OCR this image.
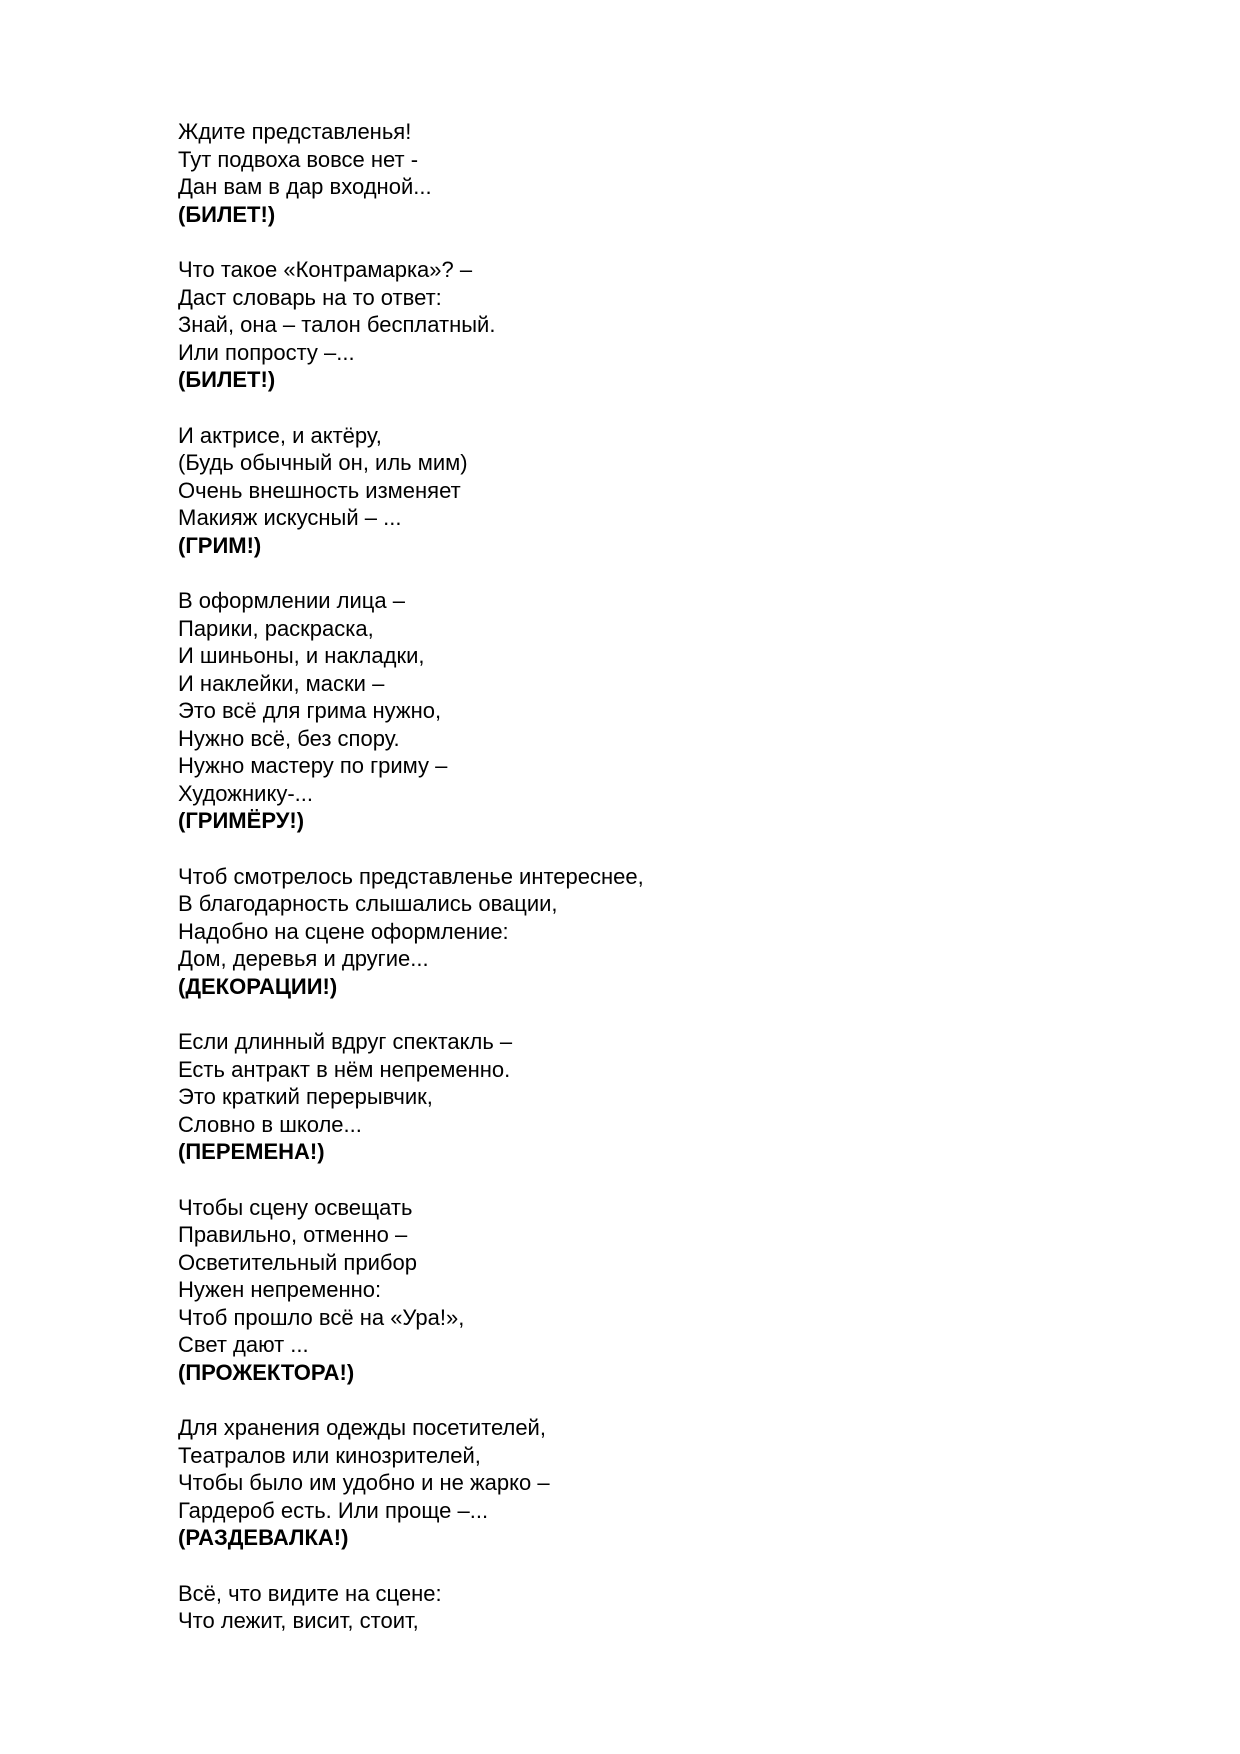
Ждите представленья!
Тут подвоха вовсе нет -
Дан вам в дар входной...
(БИЛЕТ!)
Что такое «Контрамарка»? –
Даст словарь на то ответ:
Знай, она – талон бесплатный.
Или попросту –...
(БИЛЕТ!)
И актрисе, и актёру,
(Будь обычный он, иль мим)
Очень внешность изменяет
Макияж искусный – ...
(ГРИМ!)
В оформлении лица –
Парики, раскраска,
И шиньоны, и накладки,
И наклейки, маски –
Это всё для грима нужно,
Нужно всё, без спору.
Нужно мастеру по гриму –
Художнику-...
(ГРИМЁРУ!)
Чтоб смотрелось представленье интереснее,
В благодарность слышались овации,
Надобно на сцене оформление:
Дом, деревья и другие...
(ДЕКОРАЦИИ!)
Если длинный вдруг спектакль –
Есть антракт в нём непременно.
Это краткий перерывчик,
Словно в школе...
(ПЕРЕМЕНА!)
Чтобы сцену освещать
Правильно, отменно –
Осветительный прибор
Нужен непременно:
Чтоб прошло всё на «Ура!»,
Свет дают ...
(ПРОЖЕКТОРА!)
Для хранения одежды посетителей,
Театралов или кинозрителей,
Чтобы было им удобно и не жарко –
Гардероб есть. Или проще –...
(РАЗДЕВАЛКА!)
Всё, что видите на сцене:
Что лежит, висит, стоит,
